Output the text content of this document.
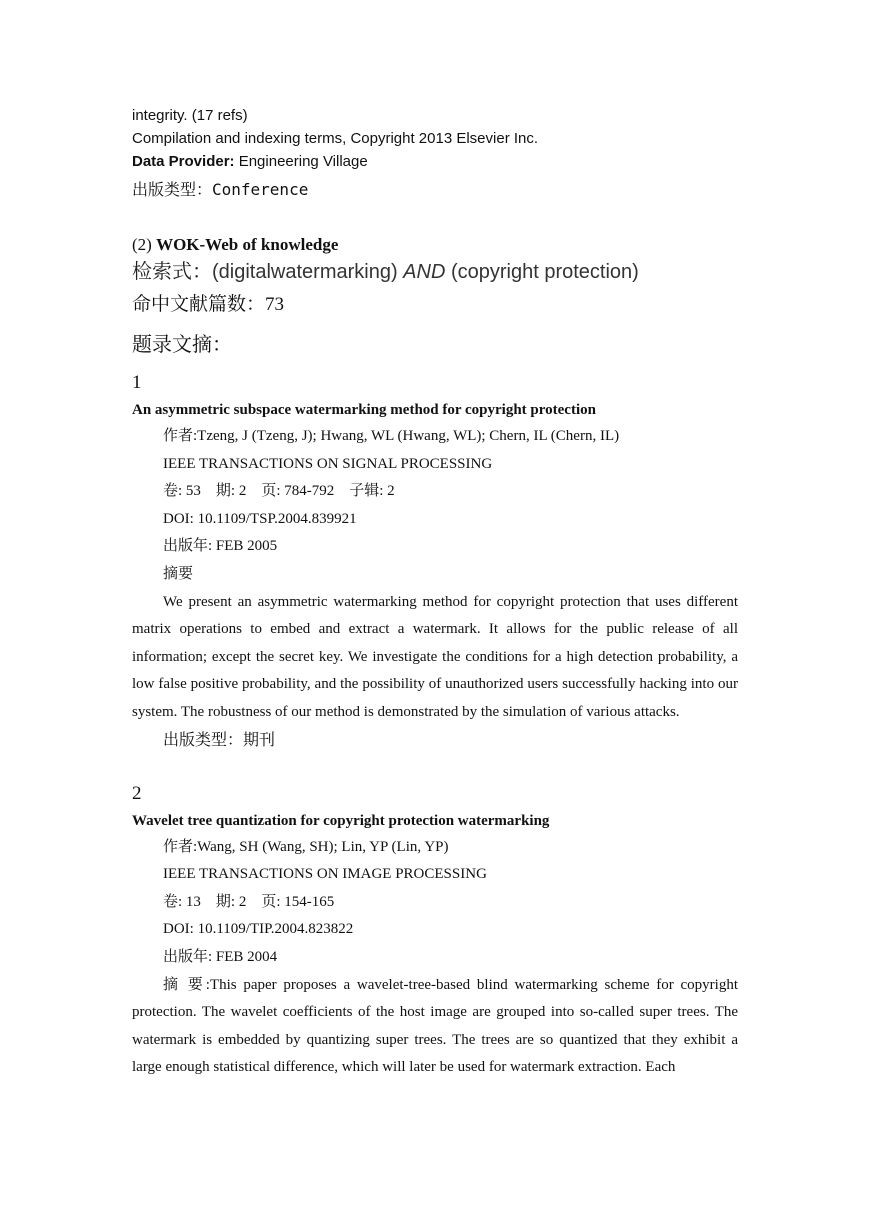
integrity. (17 refs)
Compilation and indexing terms, Copyright 2013 Elsevier Inc.
Data Provider: Engineering Village
出版类型：Conference
(2) WOK-Web of knowledge
检索式：(digitalwatermarking) AND (copyright protection)
命中文献篇数：73
题录文摘：
1
An asymmetric subspace watermarking method for copyright protection
作者:Tzeng, J (Tzeng, J); Hwang, WL (Hwang, WL); Chern, IL (Chern, IL)
IEEE TRANSACTIONS ON SIGNAL PROCESSING
卷: 53　期: 2　页: 784-792　子辑: 2
DOI: 10.1109/TSP.2004.839921
出版年: FEB 2005
摘要
We present an asymmetric watermarking method for copyright protection that uses different matrix operations to embed and extract a watermark. It allows for the public release of all information; except the secret key. We investigate the conditions for a high detection probability, a low false positive probability, and the possibility of unauthorized users successfully hacking into our system. The robustness of our method is demonstrated by the simulation of various attacks.
出版类型：期刊
2
Wavelet tree quantization for copyright protection watermarking
作者:Wang, SH (Wang, SH); Lin, YP (Lin, YP)
IEEE TRANSACTIONS ON IMAGE PROCESSING
卷: 13　期: 2　页: 154-165
DOI: 10.1109/TIP.2004.823822
出版年: FEB 2004
摘 要:This paper proposes a wavelet-tree-based blind watermarking scheme for copyright protection. The wavelet coefficients of the host image are grouped into so-called super trees. The watermark is embedded by quantizing super trees. The trees are so quantized that they exhibit a large enough statistical difference, which will later be used for watermark extraction. Each
